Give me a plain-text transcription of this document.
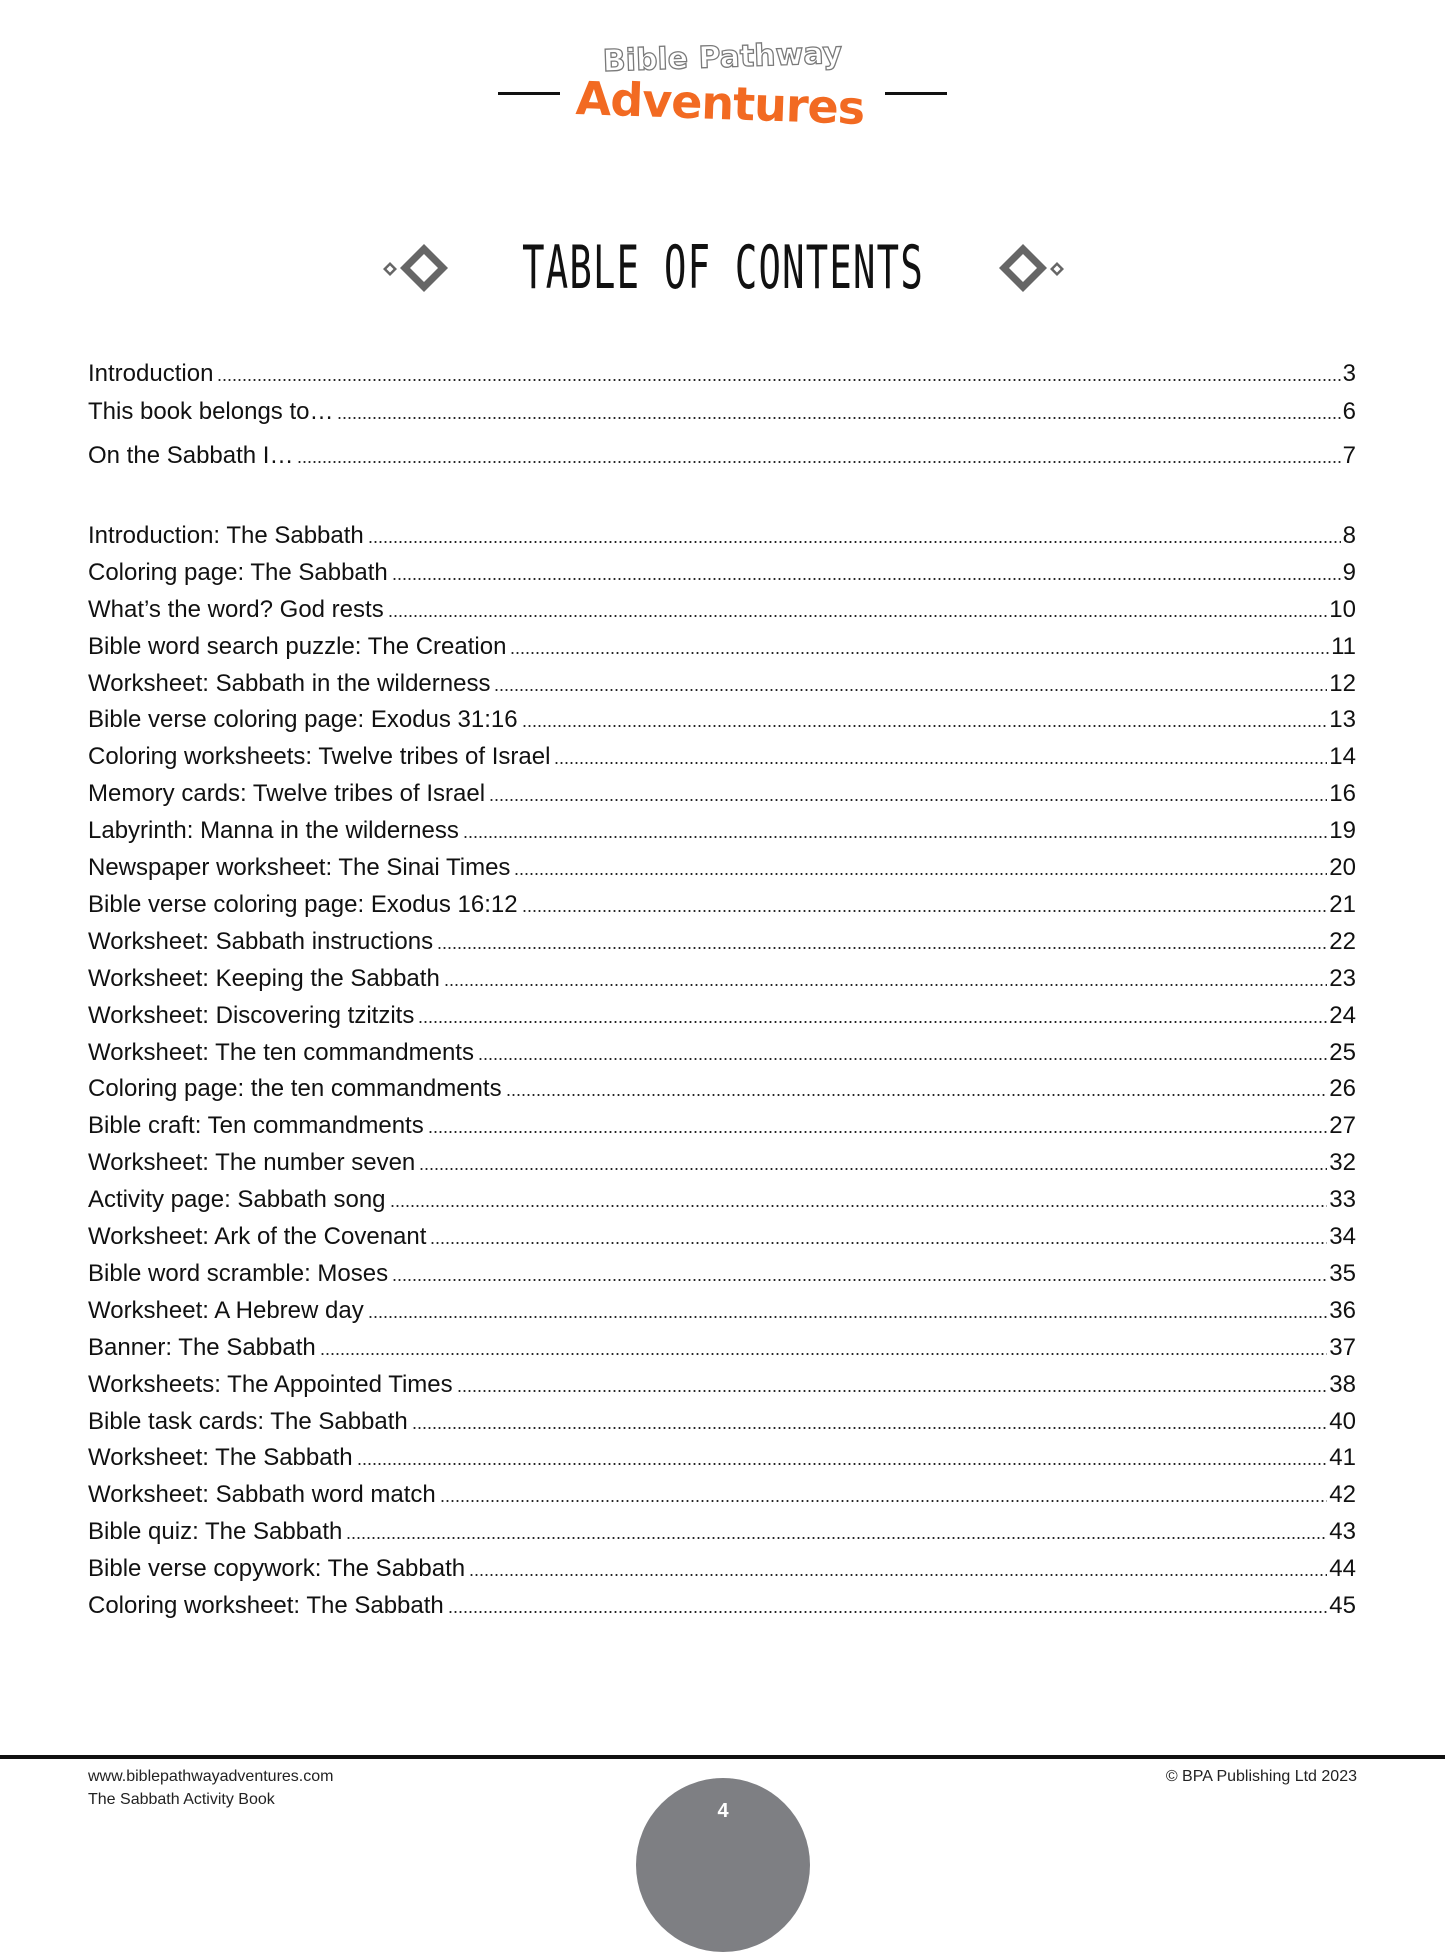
Bible Pathway
Adventures
TABLE OF CONTENTS
Introduction	3
This book belongs to…	6
On the Sabbath I…	7
Introduction: The Sabbath	8
Coloring page: The Sabbath	9
What’s the word? God rests	10
Bible word search puzzle: The Creation	11
Worksheet: Sabbath in the wilderness	12
Bible verse coloring page: Exodus 31:16	13
Coloring worksheets: Twelve tribes of Israel	14
Memory cards: Twelve tribes of Israel	16
Labyrinth: Manna in the wilderness	19
Newspaper worksheet: The Sinai Times	20
Bible verse coloring page: Exodus 16:12	21
Worksheet: Sabbath instructions	22
Worksheet: Keeping the Sabbath	23
Worksheet: Discovering tzitzits	24
Worksheet: The ten commandments	25
Coloring page: the ten commandments	26
Bible craft: Ten commandments	27
Worksheet: The number seven	32
Activity page: Sabbath song	33
Worksheet: Ark of the Covenant	34
Bible word scramble: Moses	35
Worksheet: A Hebrew day	36
Banner: The Sabbath	37
Worksheets: The Appointed Times	38
Bible task cards: The Sabbath	40
Worksheet: The Sabbath	41
Worksheet: Sabbath word match	42
Bible quiz: The Sabbath	43
Bible verse copywork: The Sabbath	44
Coloring worksheet: The Sabbath	45
www.biblepathwayadventures.com
The Sabbath Activity Book
© BPA Publishing Ltd 2023
4
